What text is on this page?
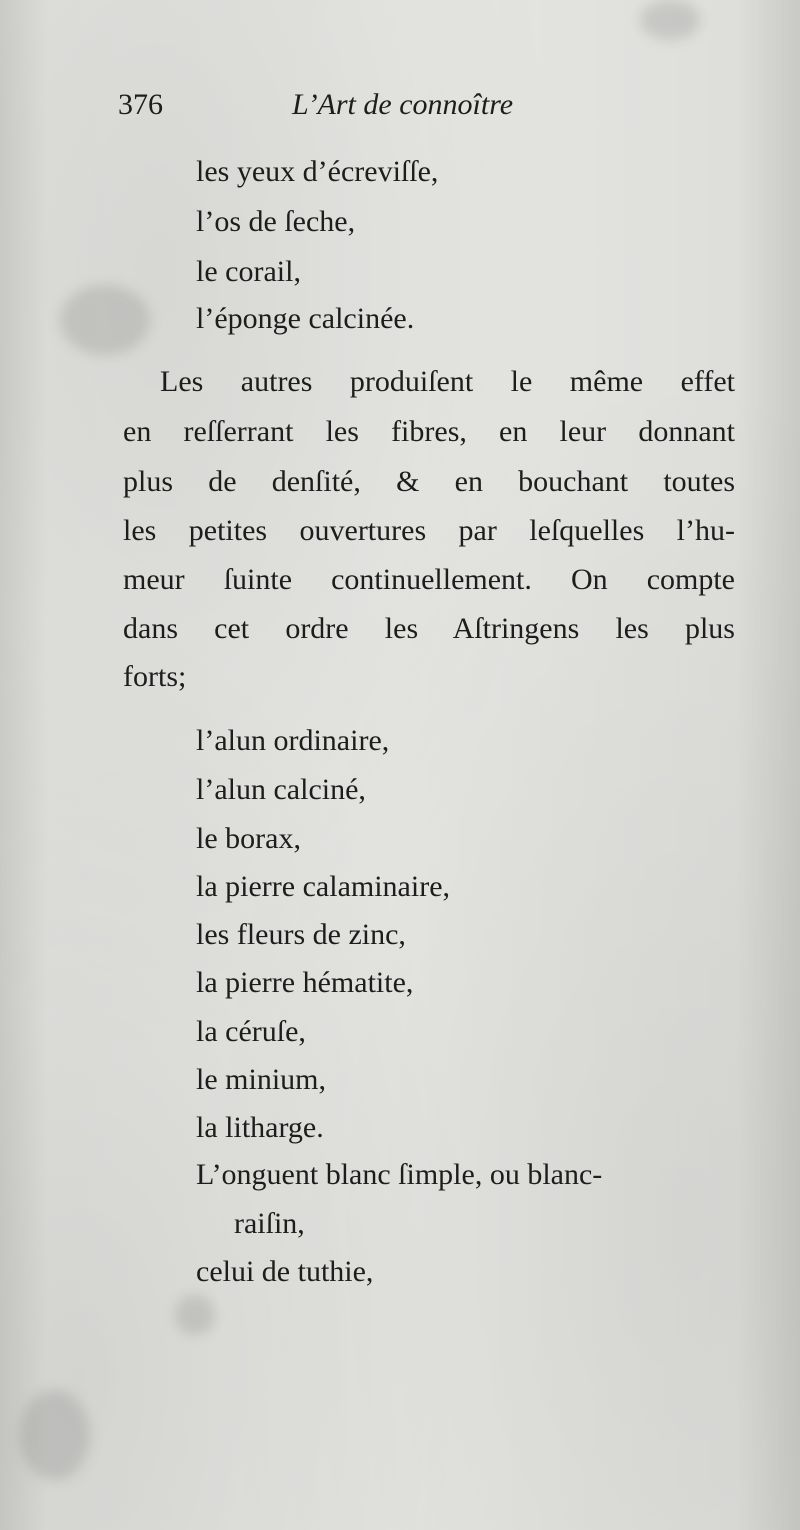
376	L’Art de connoître
les yeux d’écreviſſe,
l’os de ſeche,
le corail,
l’éponge calcinée.
Les autres produiſent le même effet
en reſſerrant les fibres, en leur donnant
plus de denſité, & en bouchant toutes
les petites ouvertures par leſquelles l’hu-
meur ſuinte continuellement. On compte
dans cet ordre les Aſtringens les plus
forts;
l’alun ordinaire,
l’alun calciné,
le borax,
la pierre calaminaire,
les fleurs de zinc,
la pierre hématite,
la céruſe,
le minium,
la litharge.
L’onguent blanc ſimple, ou blanc-
raiſin,
celui de tuthie,
